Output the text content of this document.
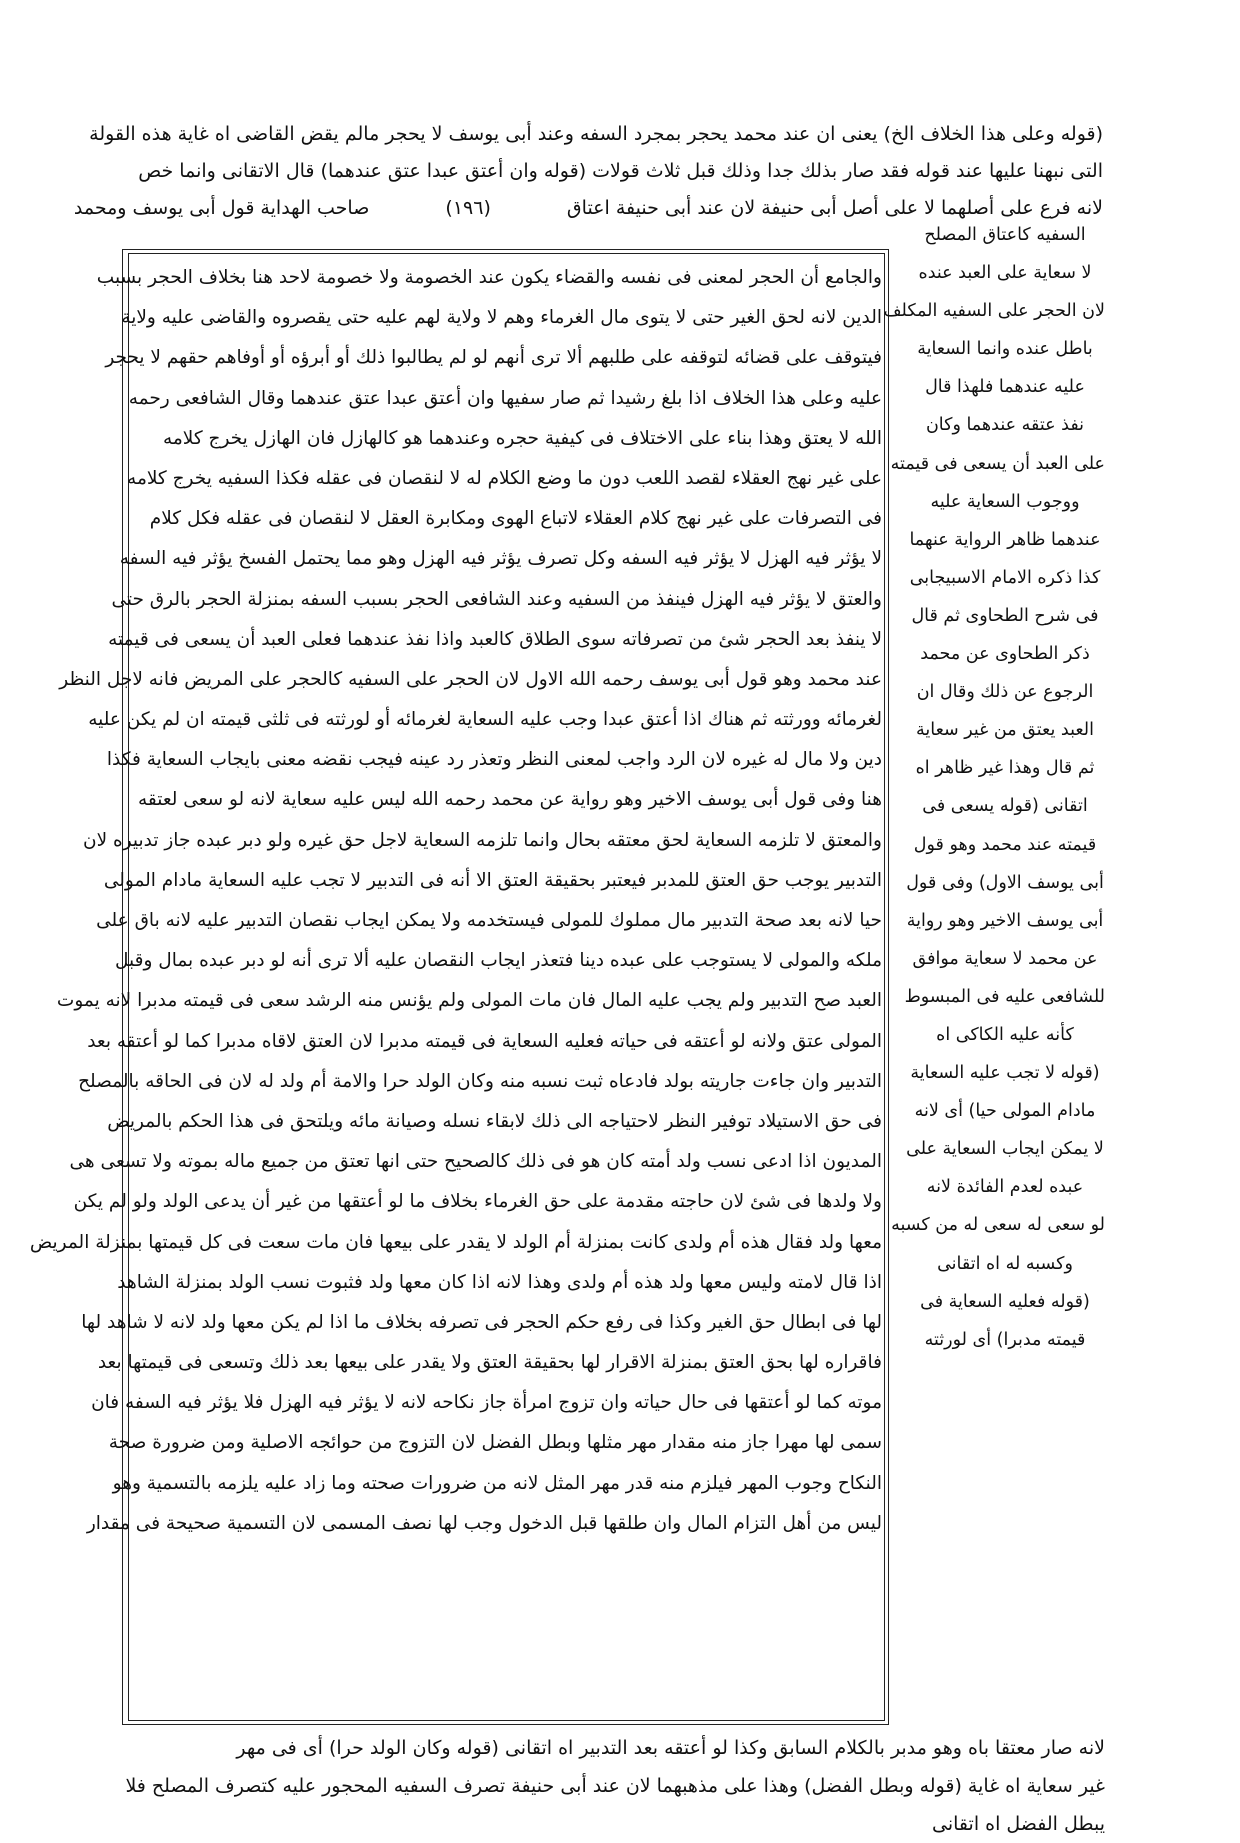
(قوله وعلى هذا الخلاف الخ) يعنى ان عند محمد يحجر بمجرد السفه وعند أبى يوسف لا يحجر مالم يقض القاضى اه غاية هذه القولة
التى نبهنا عليها عند قوله فقد صار بذلك جدا وذلك قبل ثلاث قولات (قوله وان أعتق عبدا عتق عندهما) قال الاتقانى وانما خص
لانه فرع على أصلهما لا على أصل أبى حنيفة لان عند أبى حنيفة اعتاق (١٩٦) صاحب الهداية قول أبى يوسف ومحمد
والجامع أن الحجر لمعنى فى نفسه والقضاء يكون عند الخصومة ولا خصومة لاحد هنا بخلاف الحجر بسبب
الدين لانه لحق الغير حتى لا يتوى مال الغرماء وهم لا ولاية لهم عليه حتى يقصروه والقاضى عليه ولاية
فيتوقف على قضائه لتوقفه على طلبهم ألا ترى أنهم لو لم يطالبوا ذلك أو أبرؤه أو أوفاهم حقهم لا يحجر
عليه وعلى هذا الخلاف اذا بلغ رشيدا ثم صار سفيها وان أعتق عبدا عتق عندهما وقال الشافعى رحمه
الله لا يعتق وهذا بناء على الاختلاف فى كيفية حجره وعندهما هو كالهازل فان الهازل يخرج كلامه
على غير نهج العقلاء لقصد اللعب دون ما وضع الكلام له لا لنقصان فى عقله فكذا السفيه يخرج كلامه
فى التصرفات على غير نهج كلام العقلاء لاتباع الهوى ومكابرة العقل لا لنقصان فى عقله فكل كلام
لا يؤثر فيه الهزل لا يؤثر فيه السفه وكل تصرف يؤثر فيه الهزل وهو مما يحتمل الفسخ يؤثر فيه السفه
والعتق لا يؤثر فيه الهزل فينفذ من السفيه وعند الشافعى الحجر بسبب السفه بمنزلة الحجر بالرق حتى
لا ينفذ بعد الحجر شئ من تصرفاته سوى الطلاق كالعبد واذا نفذ عندهما فعلى العبد أن يسعى فى قيمته
عند محمد وهو قول أبى يوسف رحمه الله الاول لان الحجر على السفيه كالحجر على المريض فانه لاجل النظر
لغرمائه وورثته ثم هناك اذا أعتق عبدا وجب عليه السعاية لغرمائه أو لورثته فى ثلثى قيمته ان لم يكن عليه
دين ولا مال له غيره لان الرد واجب لمعنى النظر وتعذر رد عينه فيجب نقضه معنى بايجاب السعاية فكذا
هنا وفى قول أبى يوسف الاخير وهو رواية عن محمد رحمه الله ليس عليه سعاية لانه لو سعى لعتقه
والمعتق لا تلزمه السعاية لحق معتقه بحال وانما تلزمه السعاية لاجل حق غيره ولو دبر عبده جاز تدبيره لان
التدبير يوجب حق العتق للمدبر فيعتبر بحقيقة العتق الا أنه فى التدبير لا تجب عليه السعاية مادام المولى
حيا لانه بعد صحة التدبير مال مملوك للمولى فيستخدمه ولا يمكن ايجاب نقصان التدبير عليه لانه باق على
ملكه والمولى لا يستوجب على عبده دينا فتعذر ايجاب النقصان عليه ألا ترى أنه لو دبر عبده بمال وقبل
العبد صح التدبير ولم يجب عليه المال فان مات المولى ولم يؤنس منه الرشد سعى فى قيمته مدبرا لانه يموت
المولى عتق ولانه لو أعتقه فى حياته فعليه السعاية فى قيمته مدبرا لان العتق لاقاه مدبرا كما لو أعتقه بعد
التدبير وان جاءت جاريته بولد فادعاه ثبت نسبه منه وكان الولد حرا والامة أم ولد له لان فى الحاقه بالمصلح
فى حق الاستيلاد توفير النظر لاحتياجه الى ذلك لابقاء نسله وصيانة مائه ويلتحق فى هذا الحكم بالمريض
المديون اذا ادعى نسب ولد أمته كان هو فى ذلك كالصحيح حتى انها تعتق من جميع ماله بموته ولا تسعى هى
ولا ولدها فى شئ لان حاجته مقدمة على حق الغرماء بخلاف ما لو أعتقها من غير أن يدعى الولد ولو لم يكن
معها ولد فقال هذه أم ولدى كانت بمنزلة أم الولد لا يقدر على بيعها فان مات سعت فى كل قيمتها بمنزلة المريض
اذا قال لامته وليس معها ولد هذه أم ولدى وهذا لانه اذا كان معها ولد فثبوت نسب الولد بمنزلة الشاهد
لها فى ابطال حق الغير وكذا فى رفع حكم الحجر فى تصرفه بخلاف ما اذا لم يكن معها ولد لانه لا شاهد لها
فاقراره لها بحق العتق بمنزلة الاقرار لها بحقيقة العتق ولا يقدر على بيعها بعد ذلك وتسعى فى قيمتها بعد
موته كما لو أعتقها فى حال حياته وان تزوج امرأة جاز نكاحه لانه لا يؤثر فيه الهزل فلا يؤثر فيه السفه فان
سمى لها مهرا جاز منه مقدار مهر مثلها وبطل الفضل لان التزوج من حوائجه الاصلية ومن ضرورة صحة
النكاح وجوب المهر فيلزم منه قدر مهر المثل لانه من ضرورات صحته وما زاد عليه يلزمه بالتسمية وهو
ليس من أهل التزام المال وان طلقها قبل الدخول وجب لها نصف المسمى لان التسمية صحيحة فى مقدار
السفيه كاعتاق المصلح
لا سعاية على العبد عنده
لان الحجر على السفيه المكلف
باطل عنده وانما السعاية
عليه عندهما فلهذا قال
نفذ عتقه عندهما وكان
على العبد أن يسعى فى قيمته
ووجوب السعاية عليه
عندهما ظاهر الرواية عنهما
كذا ذكره الامام الاسبيجابى
فى شرح الطحاوى ثم قال
ذكر الطحاوى عن محمد
الرجوع عن ذلك وقال ان
العبد يعتق من غير سعاية
ثم قال وهذا غير ظاهر اه
اتقانى (قوله يسعى فى
قيمته عند محمد وهو قول
أبى يوسف الاول) وفى قول
أبى يوسف الاخير وهو رواية
عن محمد لا سعاية موافق
للشافعى عليه فى المبسوط
كأنه عليه الكاكى اه
(قوله لا تجب عليه السعاية
مادام المولى حيا) أى لانه
لا يمكن ايجاب السعاية على
عبده لعدم الفائدة لانه
لو سعى له سعى له من كسبه
وكسبه له اه اتقانى
(قوله فعليه السعاية فى
قيمته مدبرا) أى لورثته
لانه صار معتقا باه وهو مدبر بالكلام السابق وكذا لو أعتقه بعد التدبير اه اتقانى (قوله وكان الولد حرا) أى فى مهر
غير سعاية اه غاية (قوله وبطل الفضل) وهذا على مذهبهما لان عند أبى حنيفة تصرف السفيه المحجور عليه كتصرف المصلح فلا
يبطل الفضل اه اتقانى
